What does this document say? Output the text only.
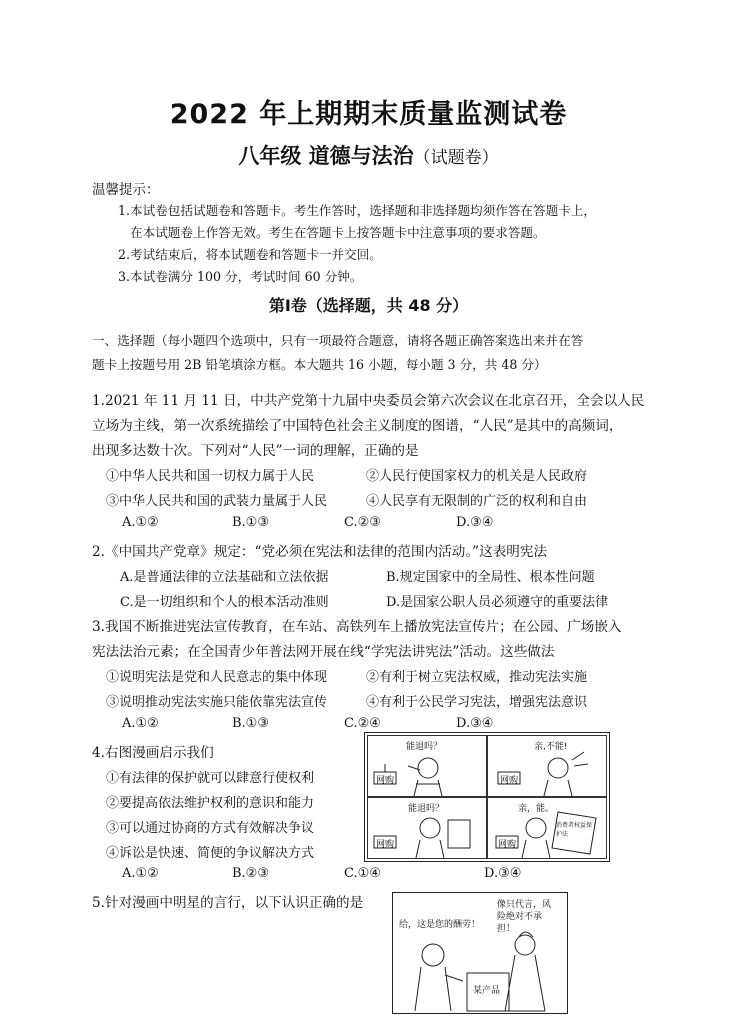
2022 年上期期末质量监测试卷
八年级 道德与法治（试题卷）
温馨提示：
1.本试卷包括试题卷和答题卡。考生作答时，选择题和非选择题均须作答在答题卡上，
在本试题卷上作答无效。考生在答题卡上按答题卡中注意事项的要求答题。
2.考试结束后，将本试题卷和答题卡一并交回。
3.本试卷满分 100 分，考试时间 60 分钟。
第Ⅰ卷（选择题，共 48 分）
一、选择题（每小题四个选项中，只有一项最符合题意，请将各题正确答案选出来并在答
题卡上按题号用 2B 铅笔填涂方框。本大题共 16 小题，每小题 3 分，共 48 分）
1.2021 年 11 月 11 日，中共产党第十九届中央委员会第六次会议在北京召开，全会以人民
立场为主线，第一次系统描绘了中国特色社会主义制度的图谱，“人民”是其中的高频词，
出现多达数十次。下列对“人民”一词的理解，正确的是
①中华人民共和国一切权力属于人民	②人民行使国家权力的机关是人民政府
③中华人民共和国的武装力量属于人民	④人民享有无限制的广泛的权利和自由
A.①②	B.①③	C.②③	D.③④
2.《中国共产党章》规定：“党必须在宪法和法律的范围内活动。”这表明宪法
A.是普通法律的立法基础和立法依据	B.规定国家中的全局性、根本性问题
C.是一切组织和个人的根本活动准则	D.是国家公职人员必须遵守的重要法律
3.我国不断推进宪法宣传教育，在车站、高铁列车上播放宪法宣传片；在公园、广场嵌入
宪法法治元素；在全国青少年普法网开展在线“学宪法讲宪法”活动。这些做法
①说明宪法是党和人民意志的集中体现	②有利于树立宪法权威，推动宪法实施
③说明推动宪法实施只能依靠宪法宣传	④有利于公民学习宪法，增强宪法意识
A.①②	B.①③	C.②④	D.③④
4.右图漫画启示我们
①有法律的保护就可以肆意行使权利
②要提高依法维护权利的意识和能力
③可以通过协商的方式有效解决争议
④诉讼是快速、简便的争议解决方式
A.①②	B.②③	C.①④	D.③④
能退吗？
网购
亲,不能!
网购
能退吗？
网购
亲，能。
网购
消费者权益保护法
5.针对漫画中明星的言行，以下认识正确的是
给，这是您的酬劳！
像只代言，风险绝对不承担！
某产品
